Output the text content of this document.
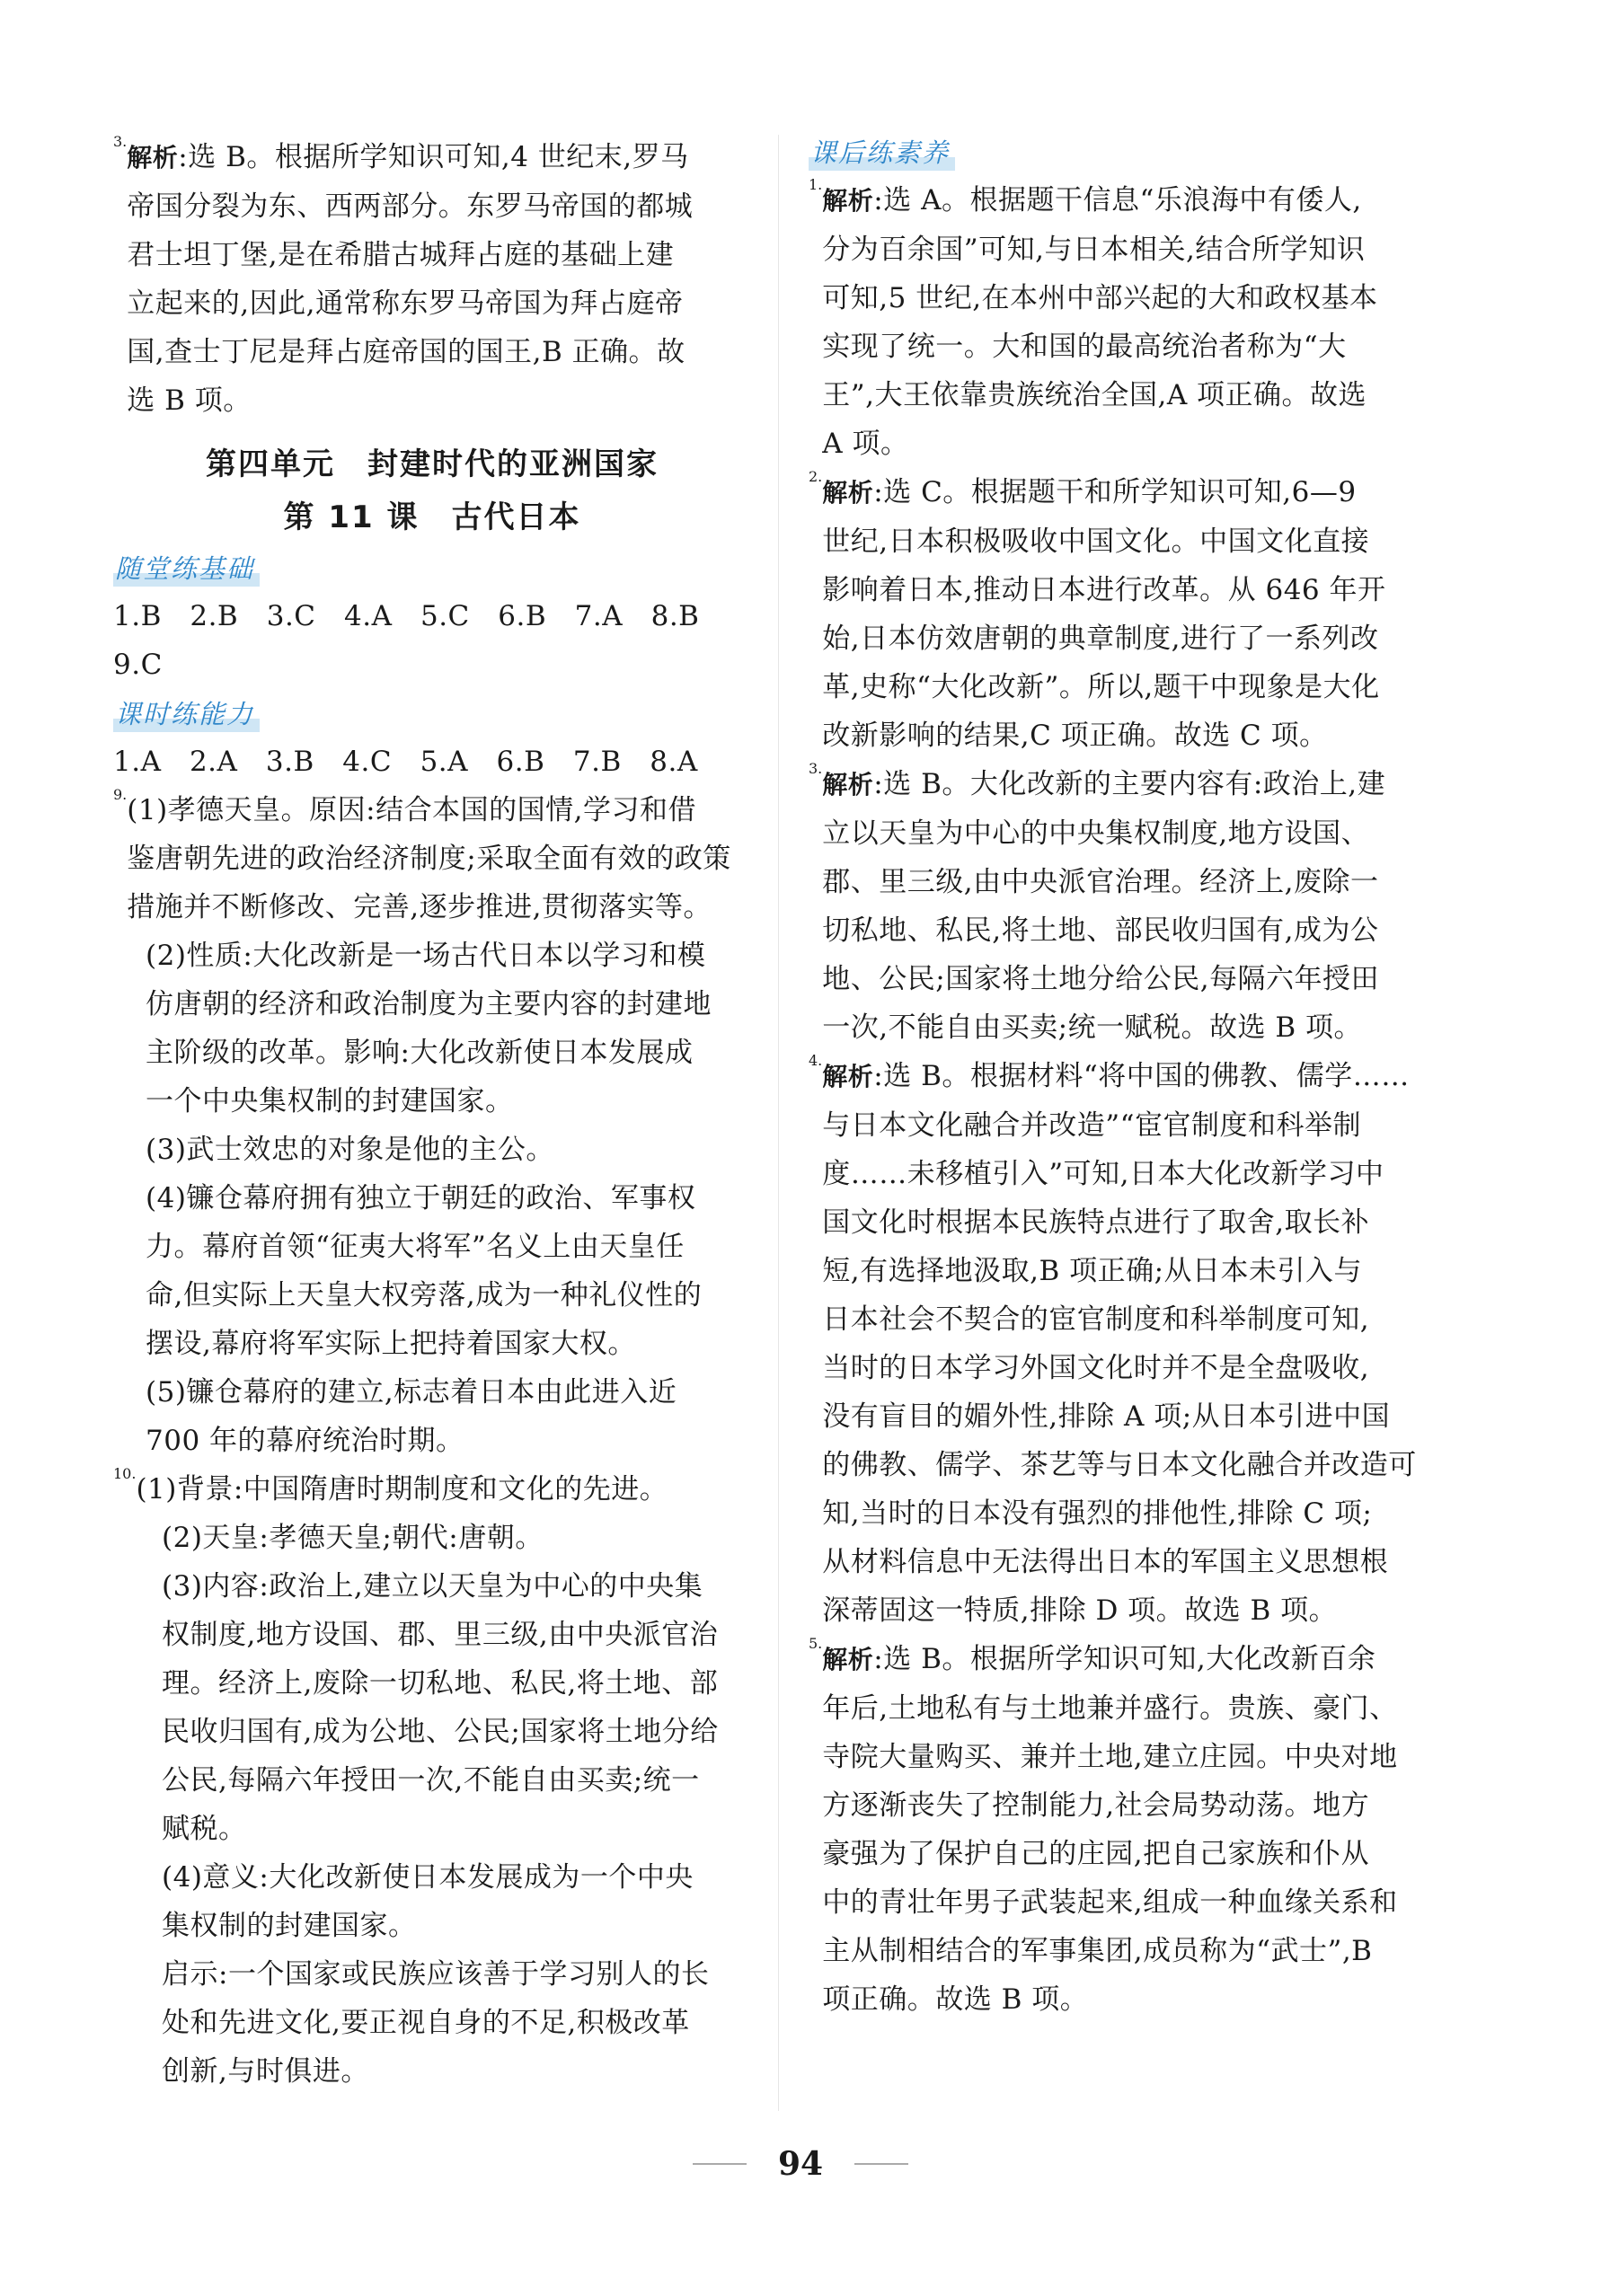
3.

解析:选 B。根据所学知识可知,4 世纪末,罗马

帝国分裂为东、西两部分。东罗马帝国的都城

君士坦丁堡,是在希腊古城拜占庭的基础上建

立起来的,因此,通常称东罗马帝国为拜占庭帝

国,查士丁尼是拜占庭帝国的国王,B 正确。故

选 B 项。

第四单元　封建时代的亚洲国家
第 11 课　古代日本
随堂练基础

1.B　2.B　3.C　4.A　5.C　6.B　7.A　8.B

9.C

课时练能力

1.A　2.A　3.B　4.C　5.A　6.B　7.B　8.A

9. (1)孝德天皇。原因:结合本国的国情,学习和借

鉴唐朝先进的政治经济制度;采取全面有效的政策

措施并不断修改、完善,逐步推进,贯彻落实等。

(2)性质:大化改新是一场古代日本以学习和模

仿唐朝的经济和政治制度为主要内容的封建地

主阶级的改革。影响:大化改新使日本发展成

一个中央集权制的封建国家。

(3)武士效忠的对象是他的主公。

(4)镰仓幕府拥有独立于朝廷的政治、军事权

力。幕府首领“征夷大将军”名义上由天皇任

命,但实际上天皇大权旁落,成为一种礼仪性的

摆设,幕府将军实际上把持着国家大权。

(5)镰仓幕府的建立,标志着日本由此进入近

700 年的幕府统治时期。

10. (1)背景:中国隋唐时期制度和文化的先进。

(2)天皇:孝德天皇;朝代:唐朝。

(3)内容:政治上,建立以天皇为中心的中央集

权制度,地方设国、郡、里三级,由中央派官治

理。经济上,废除一切私地、私民,将土地、部

民收归国有,成为公地、公民;国家将土地分给

公民,每隔六年授田一次,不能自由买卖;统一

赋税。

(4)意义:大化改新使日本发展成为一个中央

集权制的封建国家。

启示:一个国家或民族应该善于学习别人的长

处和先进文化,要正视自身的不足,积极改革

创新,与时俱进。

课后练素养
1.

解析:选 A。根据题干信息“乐浪海中有倭人,

分为百余国”可知,与日本相关,结合所学知识

可知,5 世纪,在本州中部兴起的大和政权基本

实现了统一。大和国的最高统治者称为“大

王”,大王依靠贵族统治全国,A 项正确。故选

A 项。

2.

解析:选 C。根据题干和所学知识可知,6—9

世纪,日本积极吸收中国文化。中国文化直接

影响着日本,推动日本进行改革。从 646 年开

始,日本仿效唐朝的典章制度,进行了一系列改

革,史称“大化改新”。所以,题干中现象是大化

改新影响的结果,C 项正确。故选 C 项。

3.

解析:选 B。大化改新的主要内容有:政治上,建

立以天皇为中心的中央集权制度,地方设国、

郡、里三级,由中央派官治理。经济上,废除一

切私地、私民,将土地、部民收归国有,成为公

地、公民;国家将土地分给公民,每隔六年授田

一次,不能自由买卖;统一赋税。故选 B 项。

4.

解析:选 B。根据材料“将中国的佛教、儒学……

与日本文化融合并改造”“宦官制度和科举制

度……未移植引入”可知,日本大化改新学习中

国文化时根据本民族特点进行了取舍,取长补

短,有选择地汲取,B 项正确;从日本未引入与

日本社会不契合的宦官制度和科举制度可知,

当时的日本学习外国文化时并不是全盘吸收,

没有盲目的媚外性,排除 A 项;从日本引进中国

的佛教、儒学、茶艺等与日本文化融合并改造可

知,当时的日本没有强烈的排他性,排除 C 项;

从材料信息中无法得出日本的军国主义思想根

深蒂固这一特质,排除 D 项。故选 B 项。

5.

解析:选 B。根据所学知识可知,大化改新百余

年后,土地私有与土地兼并盛行。贵族、豪门、

寺院大量购买、兼并土地,建立庄园。中央对地

方逐渐丧失了控制能力,社会局势动荡。地方

豪强为了保护自己的庄园,把自己家族和仆从

中的青壮年男子武装起来,组成一种血缘关系和

主从制相结合的军事集团,成员称为“武士”,B

项正确。故选 B 项。

94
